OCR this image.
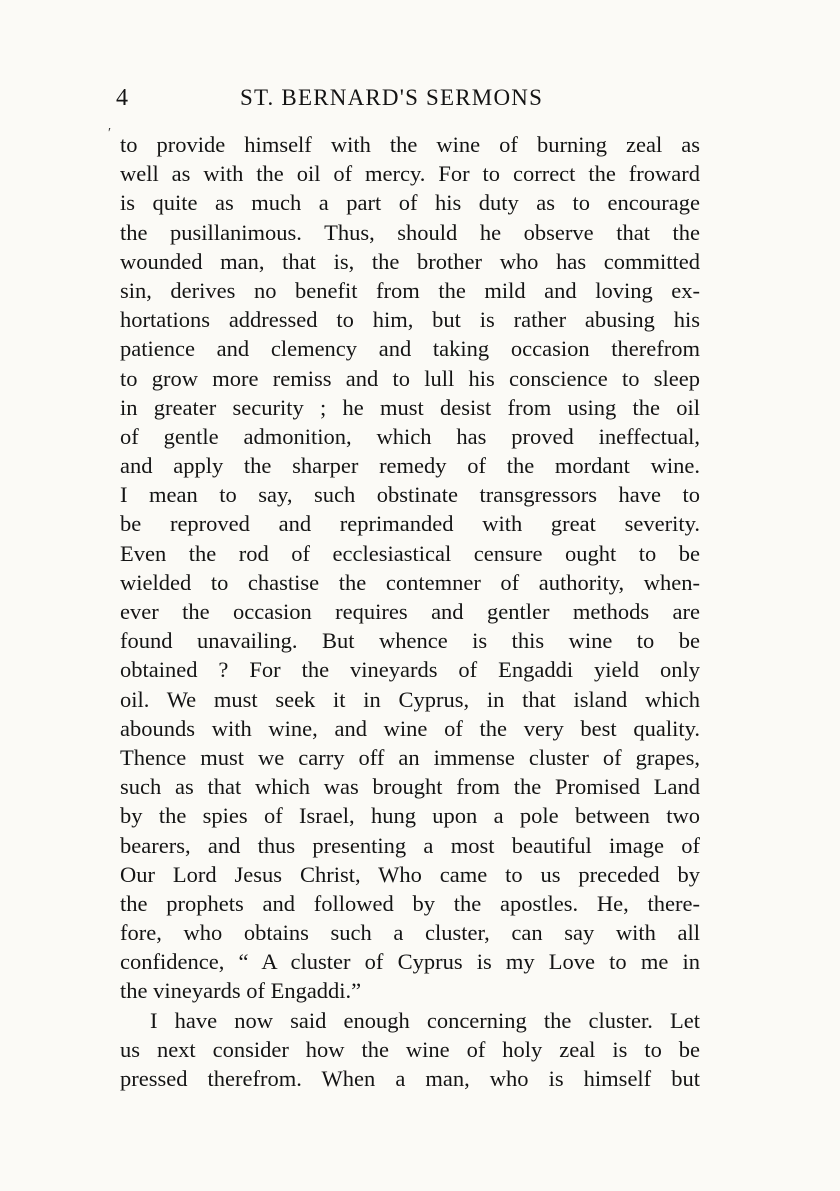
4	ST. BERNARD'S SERMONS
′ to provide himself with the wine of burning zeal as
well as with the oil of mercy. For to correct the froward
is quite as much a part of his duty as to encourage
the pusillanimous. Thus, should he observe that the
wounded man, that is, the brother who has committed
sin, derives no benefit from the mild and loving ex-
hortations addressed to him, but is rather abusing his
patience and clemency and taking occasion therefrom
to grow more remiss and to lull his conscience to sleep
in greater security ; he must desist from using the oil
of gentle admonition, which has proved ineffectual,
and apply the sharper remedy of the mordant wine.
I mean to say, such obstinate transgressors have to
be reproved and reprimanded with great severity.
Even the rod of ecclesiastical censure ought to be
wielded to chastise the contemner of authority, when-
ever the occasion requires and gentler methods are
found unavailing. But whence is this wine to be
obtained ? For the vineyards of Engaddi yield only
oil. We must seek it in Cyprus, in that island which
abounds with wine, and wine of the very best quality.
Thence must we carry off an immense cluster of grapes,
such as that which was brought from the Promised Land
by the spies of Israel, hung upon a pole between two
bearers, and thus presenting a most beautiful image of
Our Lord Jesus Christ, Who came to us preceded by
the prophets and followed by the apostles. He, there-
fore, who obtains such a cluster, can say with all
confidence, “ A cluster of Cyprus is my Love to me in
the vineyards of Engaddi.”
I have now said enough concerning the cluster. Let
us next consider how the wine of holy zeal is to be
pressed therefrom. When a man, who is himself but
